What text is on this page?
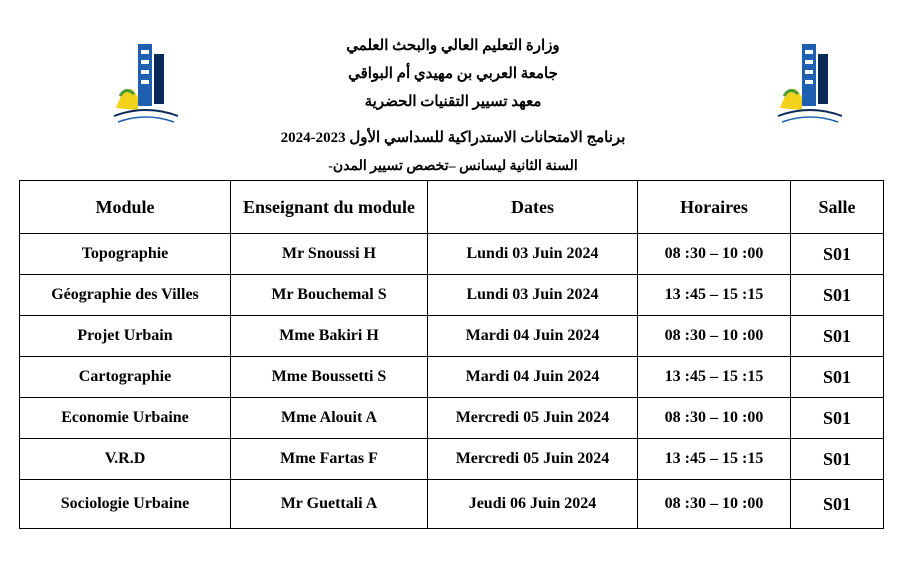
وزارة التعليم العالي والبحث العلمي
جامعة العربي بن مهيدي أم البواقي
معهد تسيير التقنيات الحضرية
برنامج الامتحانات الاستدراكية للسداسي الأول 2023-2024
السنة الثانية ليسانس –تخصص تسيير المدن-
Module	Enseignant du module	Dates	Horaires	Salle
Topographie	Mr Snoussi H	Lundi 03 Juin 2024	08 :30 – 10 :00	S01
Géographie des Villes	Mr Bouchemal S	Lundi 03 Juin 2024	13 :45 – 15 :15	S01
Projet Urbain	Mme Bakiri H	Mardi 04 Juin 2024	08 :30 – 10 :00	S01
Cartographie	Mme Boussetti S	Mardi 04 Juin 2024	13 :45 – 15 :15	S01
Economie Urbaine	Mme Alouit A	Mercredi 05 Juin 2024	08 :30 – 10 :00	S01
V.R.D	Mme Fartas F	Mercredi 05 Juin 2024	13 :45 – 15 :15	S01
Sociologie Urbaine	Mr Guettali A	Jeudi 06 Juin 2024	08 :30 – 10 :00	S01
